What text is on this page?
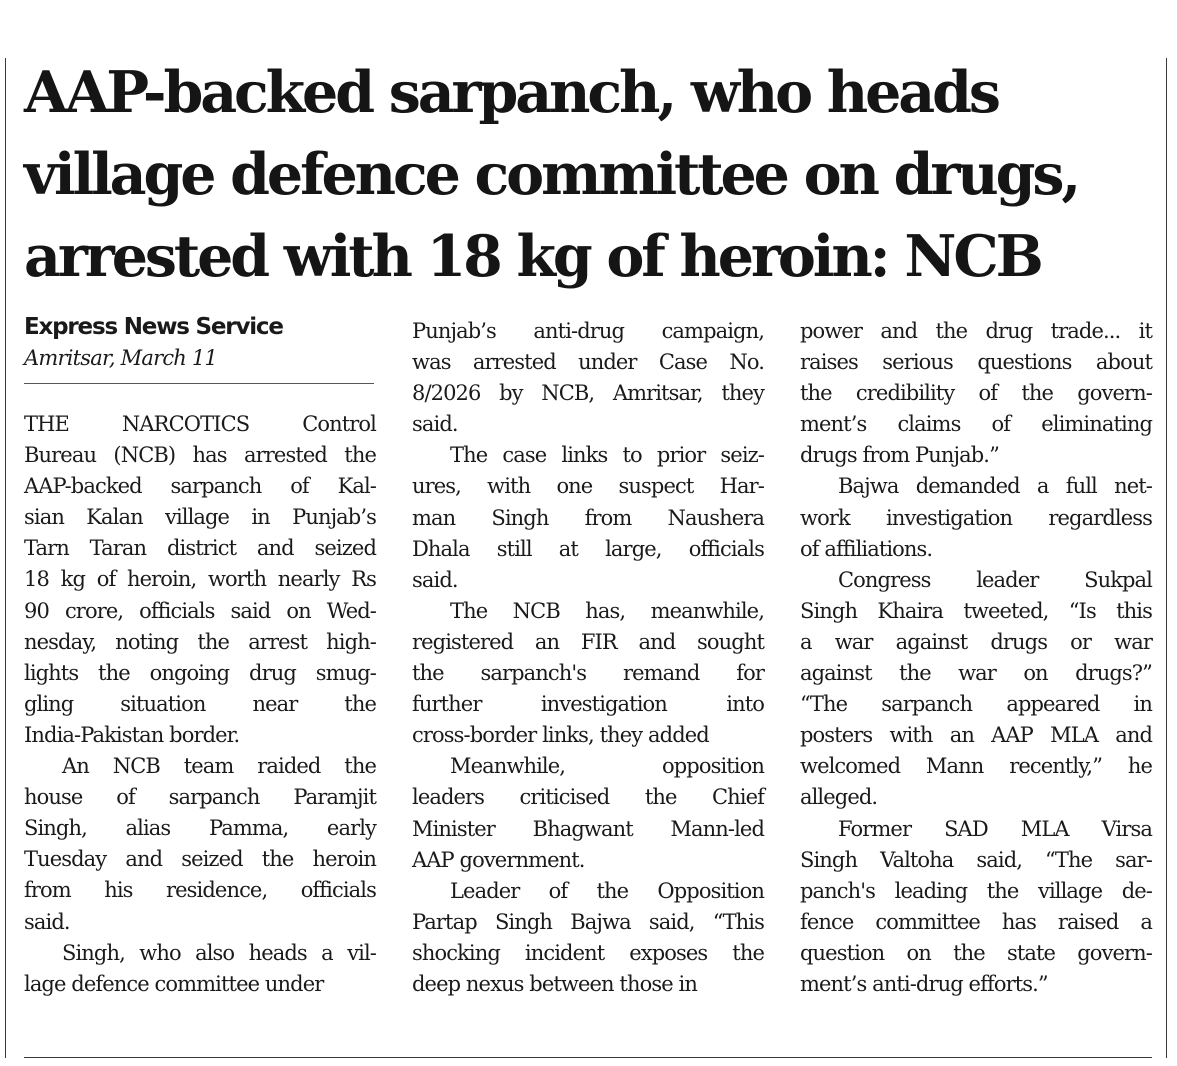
AAP-backed sarpanch, who heads
village defence committee on drugs,
arrested with 18 kg of heroin: NCB
Express News Service
Amritsar, March 11

THE NARCOTICS Control
Bureau (NCB) has arrested the
AAP-backed sarpanch of Kal-
sian Kalan village in Punjab’s
Tarn Taran district and seized
18 kg of heroin, worth nearly Rs
90 crore, officials said on Wed-
nesday, noting the arrest high-
lights the ongoing drug smug-
gling situation near the
India-Pakistan border.

An NCB team raided the
house of sarpanch Paramjit
Singh, alias Pamma, early
Tuesday and seized the heroin
from his residence, officials
said.

Singh, who also heads a vil-
lage defence committee under

Punjab’s anti-drug campaign,
was arrested under Case No.
8/2026 by NCB, Amritsar, they
said.

The case links to prior seiz-
ures, with one suspect Har-
man Singh from Naushera
Dhala still at large, officials
said.

The NCB has, meanwhile,
registered an FIR and sought
the sarpanch's remand for
further investigation into
cross-border links, they added

Meanwhile, opposition
leaders criticised the Chief
Minister Bhagwant Mann-led
AAP government.

Leader of the Opposition
Partap Singh Bajwa said, “This
shocking incident exposes the
deep nexus between those in

power and the drug trade... it
raises serious questions about
the credibility of the govern-
ment’s claims of eliminating
drugs from Punjab.”

Bajwa demanded a full net-
work investigation regardless
of affiliations.

Congress leader Sukpal
Singh Khaira tweeted, “Is this
a war against drugs or war
against the war on drugs?”
“The sarpanch appeared in
posters with an AAP MLA and
welcomed Mann recently,” he
alleged.

Former SAD MLA Virsa
Singh Valtoha said, “The sar-
panch's leading the village de-
fence committee has raised a
question on the state govern-
ment’s anti-drug efforts.”
